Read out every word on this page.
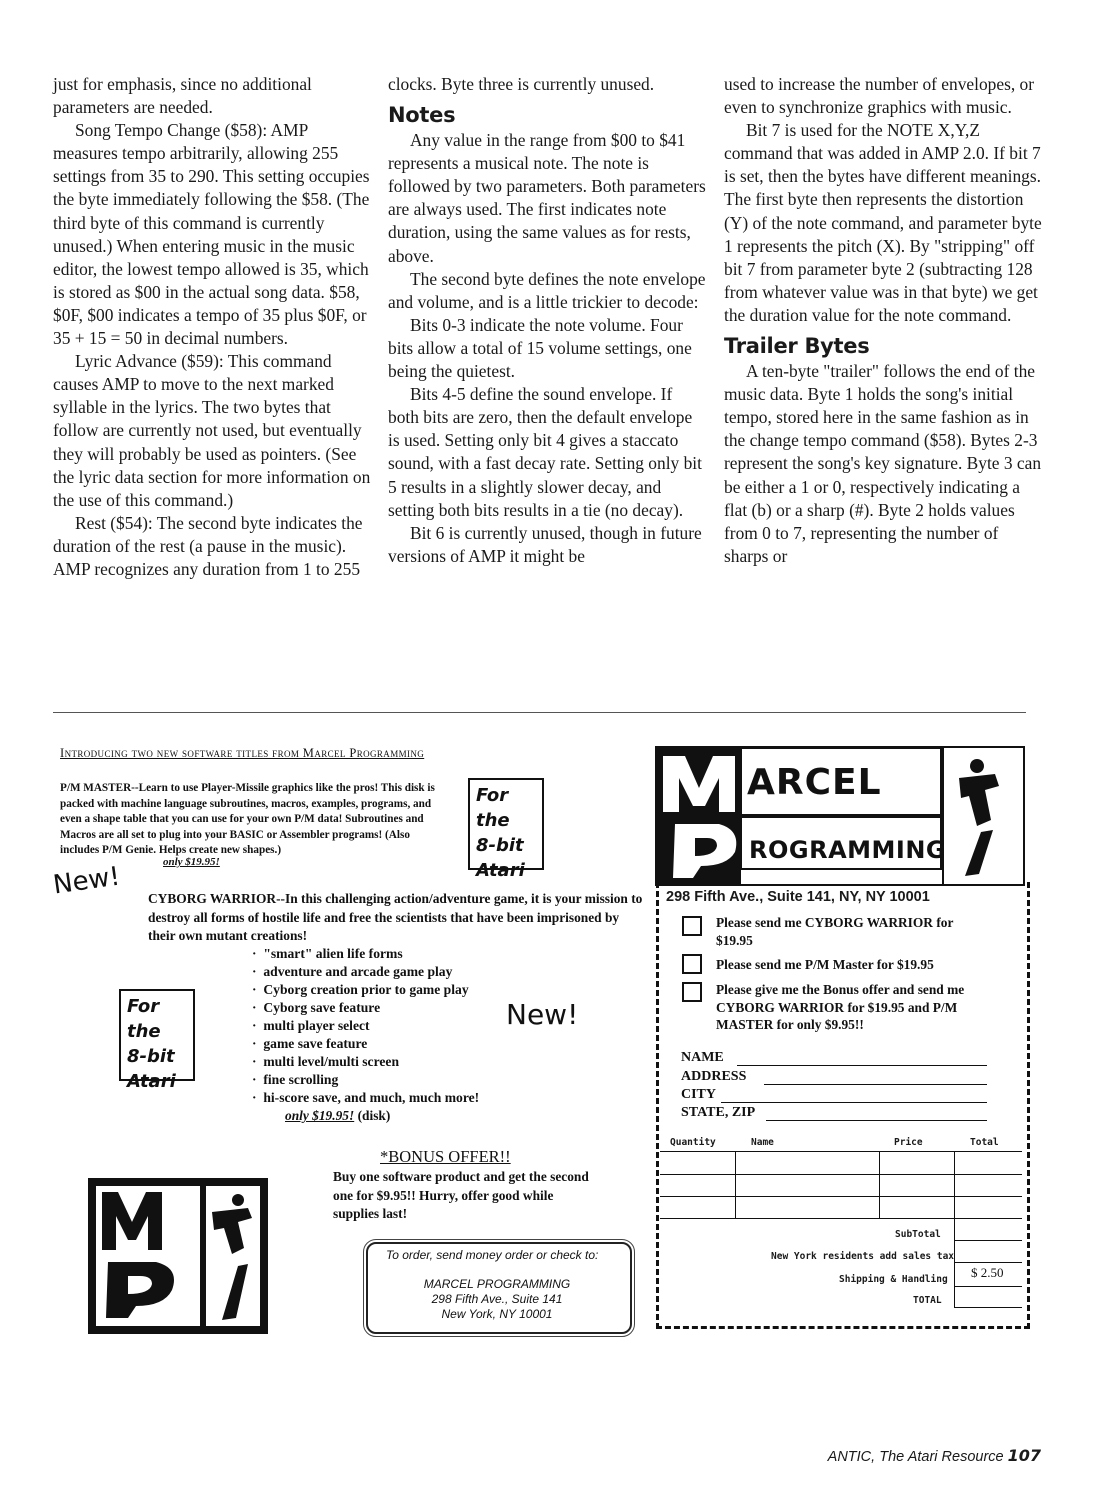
just for emphasis, since no additional parameters are needed.

Song Tempo Change ($58): AMP measures tempo arbitrarily, allowing 255 settings from 35 to 290. This setting occupies the byte immediately following the $58. (The third byte of this command is currently unused.) When entering music in the music editor, the lowest tempo allowed is 35, which is stored as $00 in the actual song data. $58, $0F, $00 indicates a tempo of 35 plus $0F, or 35 + 15 = 50 in decimal numbers.

Lyric Advance ($59): This command causes AMP to move to the next marked syllable in the lyrics. The two bytes that follow are currently not used, but eventually they will probably be used as pointers. (See the lyric data section for more information on the use of this command.)

Rest ($54): The second byte indicates the duration of the rest (a pause in the music). AMP recognizes any duration from 1 to 255

clocks. Byte three is currently unused.

Notes

Any value in the range from $00 to $41 represents a musical note. The note is followed by two parameters. Both parameters are always used. The first indicates note duration, using the same values as for rests, above.

The second byte defines the note envelope and volume, and is a little trickier to decode:

Bits 0-3 indicate the note volume. Four bits allow a total of 15 volume settings, one being the quietest.

Bits 4-5 define the sound envelope. If both bits are zero, then the default envelope is used. Setting only bit 4 gives a staccato sound, with a fast decay rate. Setting only bit 5 results in a slightly slower decay, and setting both bits results in a tie (no decay).

Bit 6 is currently unused, though in future versions of AMP it might be

used to increase the number of envelopes, or even to synchronize graphics with music.

Bit 7 is used for the NOTE X,Y,Z command that was added in AMP 2.0. If bit 7 is set, then the bytes have different meanings. The first byte then represents the distortion (Y) of the note command, and parameter byte 1 represents the pitch (X). By "stripping" off bit 7 from parameter byte 2 (subtracting 128 from whatever value was in that byte) we get the duration value for the note command.

Trailer Bytes

A ten-byte "trailer" follows the end of the music data. Byte 1 holds the song's initial tempo, stored here in the same fashion as in the change tempo command ($58). Bytes 2-3 represent the song's key signature. Byte 3 can be either a 1 or 0, respectively indicating a flat (b) or a sharp (#). Byte 2 holds values from 0 to 7, representing the number of sharps or

Introducing two new software titles from Marcel Programming
P/M MASTER--Learn to use Player-Missile graphics like the pros! This disk is packed with machine language subroutines, macros, examples, programs, and even a shape table that you can use for your own P/M data! Subroutines and Macros are all set to plug into your BASIC or Assembler programs! (Also includes P/M Genie. Helps create new shapes.)
only $19.95!
For the
8-bit
Atari
New! CYBORG WARRIOR--In this challenging action/adventure game, it is your mission to destroy all forms of hostile life and free the scientists that have been imprisoned by their own mutant creations!
·  "smart" alien life forms
·  adventure and arcade game play
·  Cyborg creation prior to game play
·  Cyborg save feature
·  multi player select
·  game save feature
·  multi level/multi screen
·  fine scrolling
·  hi-score save, and much, much more!
For the
8-bit
Atari
New!
only $19.95! (disk)
*BONUS OFFER!!
Buy one software product and get the second one for $9.95!! Hurry, offer good while supplies last!
To order, send money order or check to:
MARCEL PROGRAMMING
298 Fifth Ave., Suite 141
New York, NY 10001
ARCEL
ROGRAMMING
298 Fifth Ave., Suite 141, NY, NY 10001
Please send me CYBORG WARRIOR for $19.95
Please send me P/M Master for $19.95
Please give me the Bonus offer and send me CYBORG WARRIOR for $19.95 and P/M MASTER for only $9.95!!
NAME
ADDRESS
CITY
STATE, ZIP
Quantity	Name	Price	Total
SubTotal
New York residents add sales tax
Shipping & Handling $ 2.50
TOTAL
ANTIC, The Atari Resource 107
